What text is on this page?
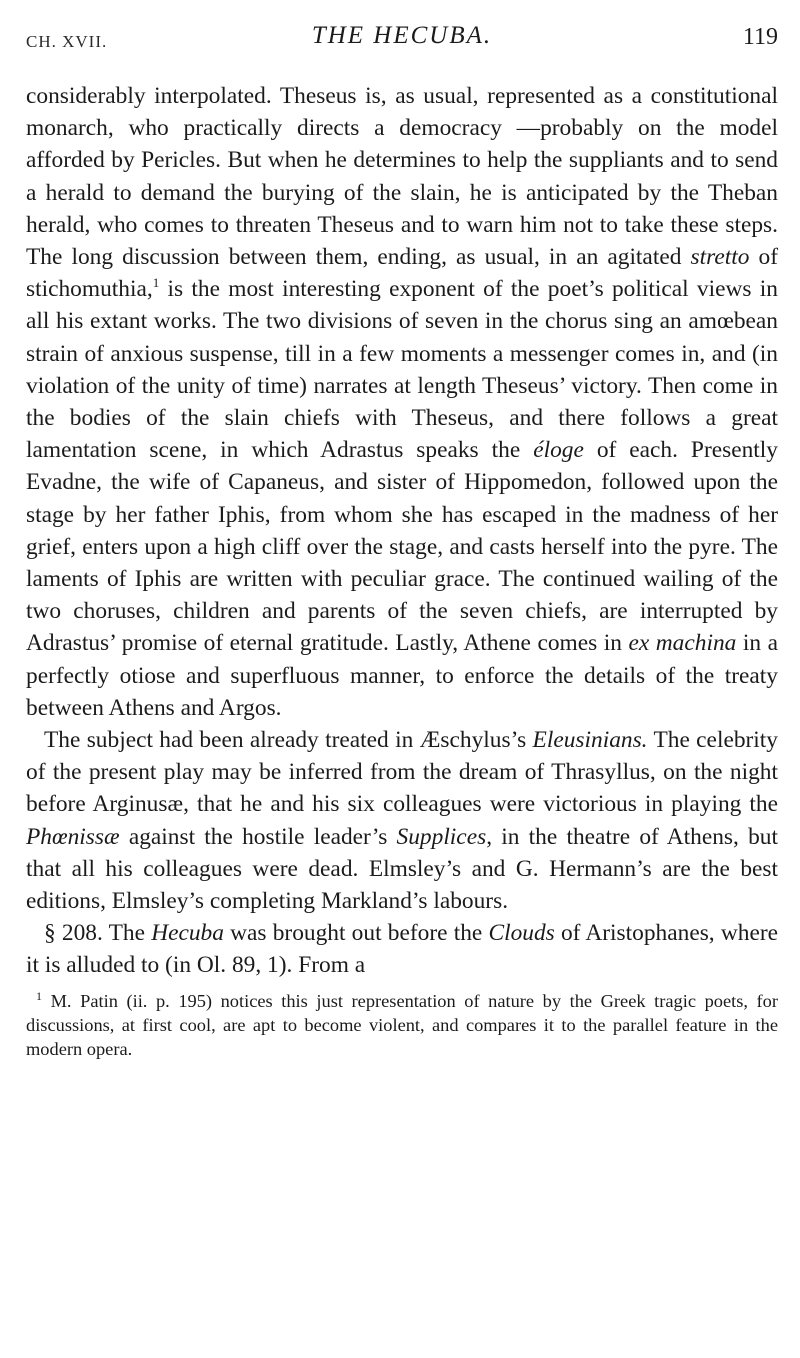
CH. XVII.	THE HECUBA.	119

considerably interpolated. Theseus is, as usual, represented as a constitutional monarch, who practically directs a democracy —probably on the model afforded by Pericles. But when he determines to help the suppliants and to send a herald to demand the burying of the slain, he is anticipated by the Theban herald, who comes to threaten Theseus and to warn him not to take these steps. The long discussion between them, ending, as usual, in an agitated stretto of stichomuthia,$^1$ is the most interesting exponent of the poet’s political views in all his extant works. The two divisions of seven in the chorus sing an amœbean strain of anxious suspense, till in a few moments a messenger comes in, and (in violation of the unity of time) narrates at length Theseus’ victory. Then come in the bodies of the slain chiefs with Theseus, and there follows a great lamentation scene, in which Adrastus speaks the éloge of each. Presently Evadne, the wife of Capaneus, and sister of Hippomedon, followed upon the stage by her father Iphis, from whom she has escaped in the madness of her grief, enters upon a high cliff over the stage, and casts herself into the pyre. The laments of Iphis are written with peculiar grace. The continued wailing of the two choruses, children and parents of the seven chiefs, are interrupted by Adrastus’ promise of eternal gratitude. Lastly, Athene comes in ex machina in a perfectly otiose and superfluous manner, to enforce the details of the treaty between Athens and Argos.

The subject had been already treated in Æschylus’s Eleusinians. The celebrity of the present play may be inferred from the dream of Thrasyllus, on the night before Arginusæ, that he and his six colleagues were victorious in playing the Phœnissæ against the hostile leader’s Supplices, in the theatre of Athens, but that all his colleagues were dead. Elmsley’s and G. Hermann’s are the best editions, Elmsley’s completing Markland’s labours.

§ 208. The Hecuba was brought out before the Clouds of Aristophanes, where it is alluded to (in Ol. 89, 1). From a

$^1$ M. Patin (ii. p. 195) notices this just representation of nature by the Greek tragic poets, for discussions, at first cool, are apt to become violent, and compares it to the parallel feature in the modern opera.
